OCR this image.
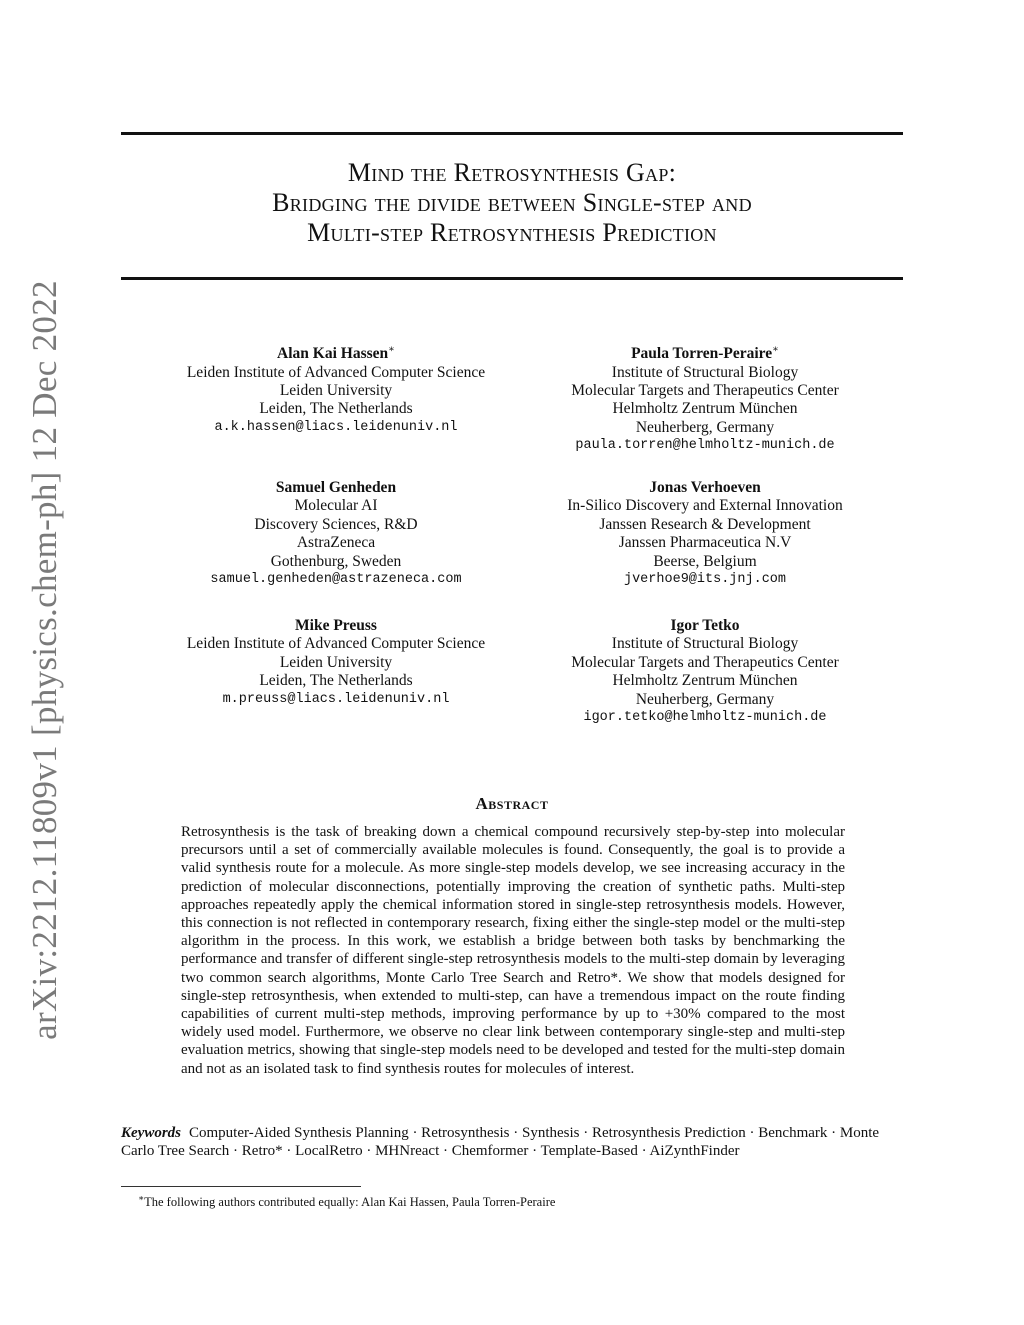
arXiv:2212.11809v1 [physics.chem-ph] 12 Dec 2022
Mind the Retrosynthesis Gap:
Bridging the divide between Single-step and
Multi-step Retrosynthesis Prediction
Alan Kai Hassen∗
Leiden Institute of Advanced Computer Science
Leiden University
Leiden, The Netherlands
a.k.hassen@liacs.leidenuniv.nl
Paula Torren-Peraire∗
Institute of Structural Biology
Molecular Targets and Therapeutics Center
Helmholtz Zentrum München
Neuherberg, Germany
paula.torren@helmholtz-munich.de
Samuel Genheden
Molecular AI
Discovery Sciences, R&D
AstraZeneca
Gothenburg, Sweden
samuel.genheden@astrazeneca.com
Jonas Verhoeven
In-Silico Discovery and External Innovation
Janssen Research & Development
Janssen Pharmaceutica N.V
Beerse, Belgium
jverhoe9@its.jnj.com
Mike Preuss
Leiden Institute of Advanced Computer Science
Leiden University
Leiden, The Netherlands
m.preuss@liacs.leidenuniv.nl
Igor Tetko
Institute of Structural Biology
Molecular Targets and Therapeutics Center
Helmholtz Zentrum München
Neuherberg, Germany
igor.tetko@helmholtz-munich.de
Abstract

Retrosynthesis is the task of breaking down a chemical compound recursively step-by-step into molecular precursors until a set of commercially available molecules is found. Consequently, the goal is to provide a valid synthesis route for a molecule. As more single-step models develop, we see increasing accuracy in the prediction of molecular disconnections, potentially improving the creation of synthetic paths. Multi-step approaches repeatedly apply the chemical information stored in single-step retrosynthesis models. However, this connection is not reflected in contemporary research, fixing either the single-step model or the multi-step algorithm in the process. In this work, we establish a bridge between both tasks by benchmarking the performance and transfer of different single-step retrosynthesis models to the multi-step domain by leveraging two common search algorithms, Monte Carlo Tree Search and Retro*. We show that models designed for single-step retrosynthesis, when extended to multi-step, can have a tremendous impact on the route finding capabilities of current multi-step methods, improving performance by up to +30% compared to the most widely used model. Furthermore, we observe no clear link between contemporary single-step and multi-step evaluation metrics, showing that single-step models need to be developed and tested for the multi-step domain and not as an isolated task to find synthesis routes for molecules of interest.

Keywords Computer-Aided Synthesis Planning · Retrosynthesis · Synthesis · Retrosynthesis Prediction · Benchmark · Monte Carlo Tree Search · Retro* · LocalRetro · MHNreact · Chemformer · Template-Based · AiZynthFinder
∗The following authors contributed equally: Alan Kai Hassen, Paula Torren-Peraire
